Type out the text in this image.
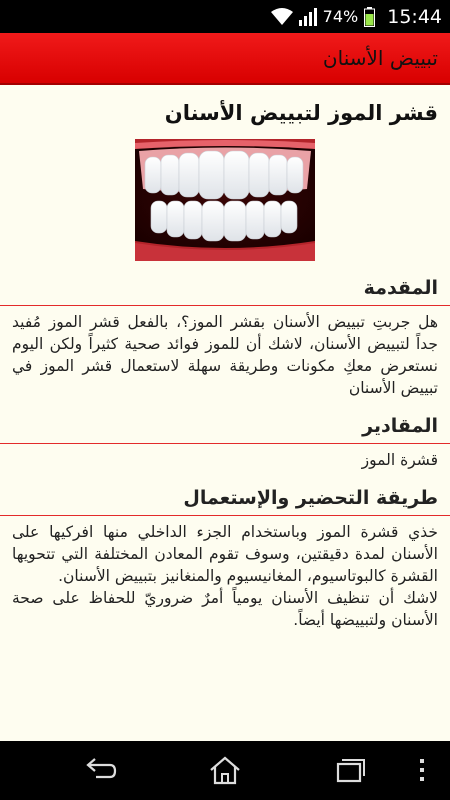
74% 15:44
تبييض الأسنان
قشر الموز لتبييض الأسنان
المقدمة
هل جربتِ تبييض الأسنان بقشر الموز؟، بالفعل قشر الموز مُفيد جداً لتبييض الأسنان، لاشك أن للموز فوائد صحية كثيراً ولكن اليوم نستعرض معكِ مكونات وطريقة سهلة لاستعمال قشر الموز في تبييض الأسنان
المقادير
قشرة الموز
طريقة التحضير والإستعمال
خذي قشرة الموز وباستخدام الجزء الداخلي منها افركيها على الأسنان لمدة دقيقتين، وسوف تقوم المعادن المختلفة التي تتحويها القشرة كالبوتاسيوم، المغانيسيوم والمنغانيز بتبييض الأسنان.
لاشك أن تنظيف الأسنان يومياً أمرٌ ضروريّ للحفاظ على صحة الأسنان ولتبييضها أيضاً.
